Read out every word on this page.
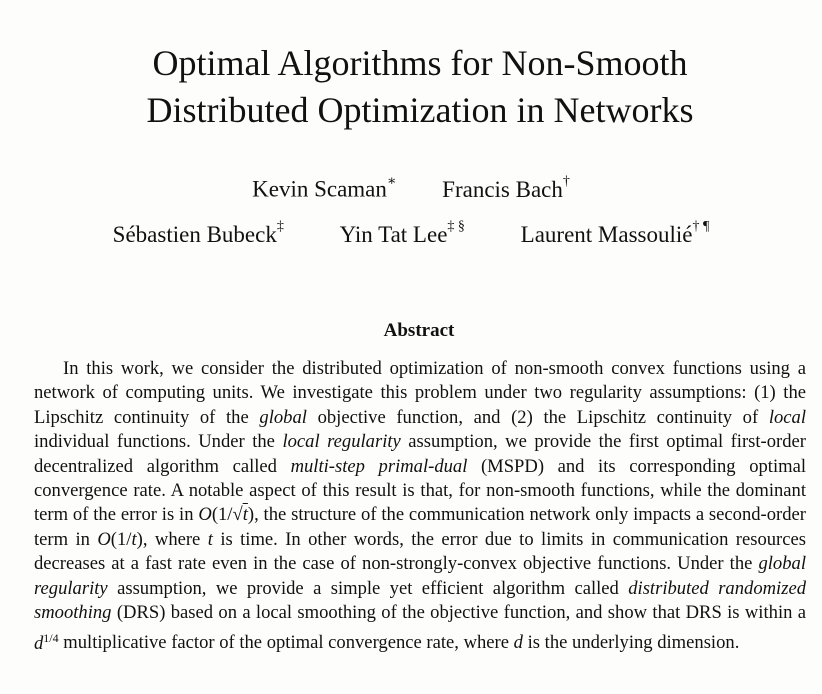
Optimal Algorithms for Non-Smooth
Distributed Optimization in Networks
Kevin Scaman∗ Francis Bach†
Sébastien Bubeck‡ Yin Tat Lee‡ § Laurent Massoulié† ¶
Abstract

In this work, we consider the distributed optimization of non-smooth convex functions using a network of computing units. We investigate this problem under two regularity assumptions: (1) the Lipschitz continuity of the global objective function, and (2) the Lipschitz continuity of local individual functions. Under the local regularity assumption, we provide the first optimal first-order decentralized algorithm called multi-step primal-dual (MSPD) and its corresponding optimal convergence rate. A notable aspect of this result is that, for non-smooth functions, while the dominant term of the error is in O(1/√t), the structure of the communication network only impacts a second-order term in O(1/t), where t is time. In other words, the error due to limits in communication resources decreases at a fast rate even in the case of non-strongly-convex objective functions. Under the global regularity assumption, we provide a simple yet efficient algorithm called distributed randomized smoothing (DRS) based on a local smoothing of the objective function, and show that DRS is within a $d^{1/4}$ multiplicative factor of the optimal convergence rate, where d is the underlying dimension.
